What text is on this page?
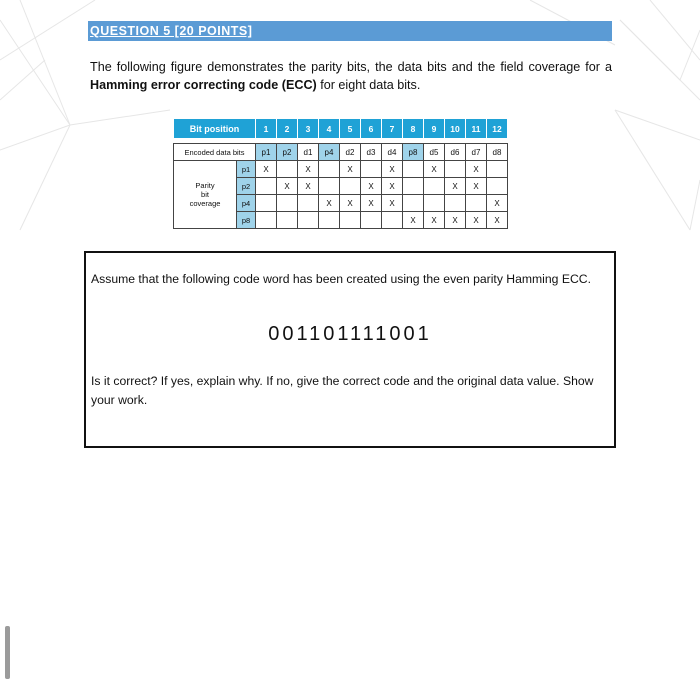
QUESTION 5 [20 POINTS]
The following figure demonstrates the parity bits, the data bits and the field coverage for a Hamming error correcting code (ECC) for eight data bits.
Bit position		1	2	3	4	5	6	7	8	9	10	11	12

Encoded data bits		p1	p2	d1	p4	d2	d3	d4	p8	d5	d6	d7	d8

Parity
bit
coverage	p1	X		X		X		X		X		X	
	p2		X	X			X	X			X	X	
	p4				X	X	X	X					X
	p8								X	X	X	X	X
Assume that the following code word has been created using the even parity Hamming ECC.
001101111001
Is it correct? If yes, explain why. If no, give the correct code and the original data value. Show your work.
